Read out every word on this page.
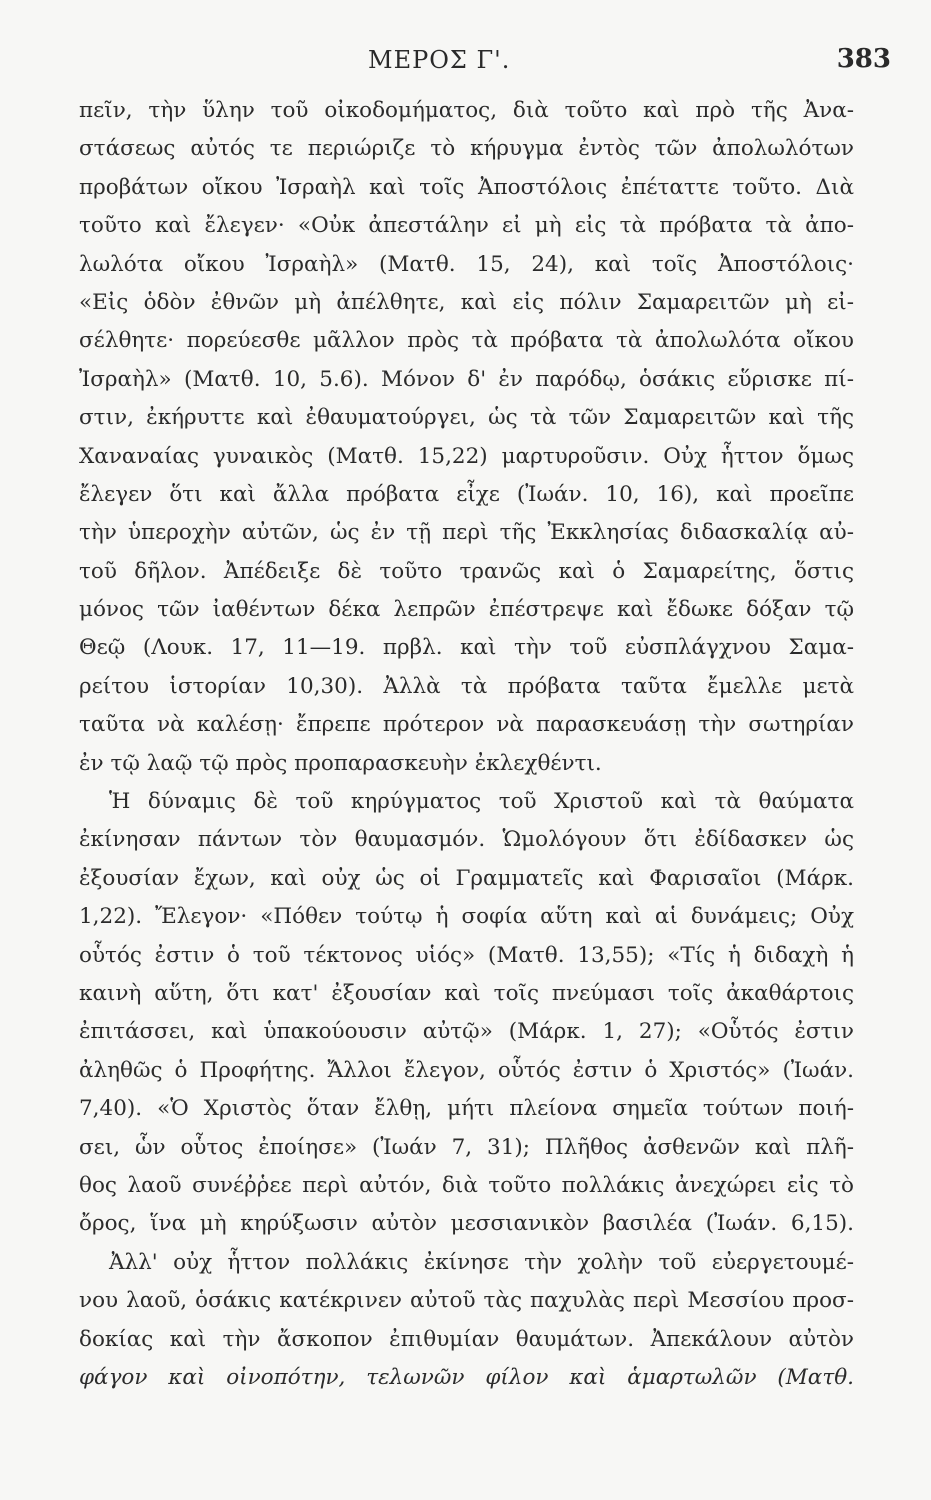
ΜΕΡΟΣ Γ'.	383
πεῖν, τὴν ὕλην τοῦ οἰκοδομήματος, διὰ τοῦτο καὶ πρὸ τῆς Ἀνα-
στάσεως αὐτός τε περιώριζε τὸ κήρυγμα ἐντὸς τῶν ἀπολωλότων
προβάτων οἴκου Ἰσραὴλ καὶ τοῖς Ἀποστόλοις ἐπέταττε τοῦτο. Διὰ
τοῦτο καὶ ἔλεγεν· «Οὐκ ἀπεστάλην εἰ μὴ εἰς τὰ πρόβατα τὰ ἀπο-
λωλότα οἴκου Ἰσραὴλ» (Ματθ. 15, 24), καὶ τοῖς Ἀποστόλοις·
«Εἰς ὁδὸν ἐθνῶν μὴ ἀπέλθητε, καὶ εἰς πόλιν Σαμαρειτῶν μὴ εἰ-
σέλθητε· πορεύεσθε μᾶλλον πρὸς τὰ πρόβατα τὰ ἀπολωλότα οἴκου
Ἰσραὴλ» (Ματθ. 10, 5.6). Μόνον δ' ἐν παρόδῳ, ὁσάκις εὕρισκε πί-
στιν, ἐκήρυττε καὶ ἐθαυματούργει, ὡς τὰ τῶν Σαμαρειτῶν καὶ τῆς
Χαναναίας γυναικὸς (Ματθ. 15,22) μαρτυροῦσιν. Οὐχ ἧττον ὅμως
ἔλεγεν ὅτι καὶ ἄλλα πρόβατα εἶχε (Ἰωάν. 10, 16), καὶ προεῖπε
τὴν ὑπεροχὴν αὐτῶν, ὡς ἐν τῇ περὶ τῆς Ἐκκλησίας διδασκαλίᾳ αὐ-
τοῦ δῆλον. Ἀπέδειξε δὲ τοῦτο τρανῶς καὶ ὁ Σαμαρείτης, ὅστις
μόνος τῶν ἰαθέντων δέκα λεπρῶν ἐπέστρεψε καὶ ἔδωκε δόξαν τῷ
Θεῷ (Λουκ. 17, 11—19. πρβλ. καὶ τὴν τοῦ εὐσπλάγχνου Σαμα-
ρείτου ἱστορίαν 10,30). Ἀλλὰ τὰ πρόβατα ταῦτα ἔμελλε μετὰ
ταῦτα νὰ καλέσῃ· ἔπρεπε πρότερον νὰ παρασκευάσῃ τὴν σωτηρίαν
ἐν τῷ λαῷ τῷ πρὸς προπαρασκευὴν ἐκλεχθέντι.
Ἡ δύναμις δὲ τοῦ κηρύγματος τοῦ Χριστοῦ καὶ τὰ θαύματα
ἐκίνησαν πάντων τὸν θαυμασμόν. Ὡμολόγουν ὅτι ἐδίδασκεν ὡς
ἐξουσίαν ἔχων, καὶ οὐχ ὡς οἱ Γραμματεῖς καὶ Φαρισαῖοι (Μάρκ.
1,22). Ἔλεγον· «Πόθεν τούτῳ ἡ σοφία αὕτη καὶ αἱ δυνάμεις; Οὐχ
οὗτός ἐστιν ὁ τοῦ τέκτονος υἱός» (Ματθ. 13,55); «Τίς ἡ διδαχὴ ἡ
καινὴ αὕτη, ὅτι κατ' ἐξουσίαν καὶ τοῖς πνεύμασι τοῖς ἀκαθάρτοις
ἐπιτάσσει, καὶ ὑπακούουσιν αὐτῷ» (Μάρκ. 1, 27); «Οὗτός ἐστιν
ἀληθῶς ὁ Προφήτης. Ἄλλοι ἔλεγον, οὗτός ἐστιν ὁ Χριστός» (Ἰωάν.
7,40). «Ὁ Χριστὸς ὅταν ἔλθῃ, μήτι πλείονα σημεῖα τούτων ποιή-
σει, ὧν οὗτος ἐποίησε» (Ἰωάν 7, 31); Πλῆθος ἀσθενῶν καὶ πλῆ-
θος λαοῦ συνέῤῥεε περὶ αὐτόν, διὰ τοῦτο πολλάκις ἀνεχώρει εἰς τὸ
ὄρος, ἵνα μὴ κηρύξωσιν αὐτὸν μεσσιανικὸν βασιλέα (Ἰωάν. 6,15).
Ἀλλ' οὐχ ἧττον πολλάκις ἐκίνησε τὴν χολὴν τοῦ εὐεργετουμέ-
νου λαοῦ, ὁσάκις κατέκρινεν αὐτοῦ τὰς παχυλὰς περὶ Μεσσίου προσ-
δοκίας καὶ τὴν ἄσκοπον ἐπιθυμίαν θαυμάτων. Ἀπεκάλουν αὐτὸν
φάγον καὶ οἰνοπότην, τελωνῶν φίλον καὶ ἁμαρτωλῶν (Ματθ.
